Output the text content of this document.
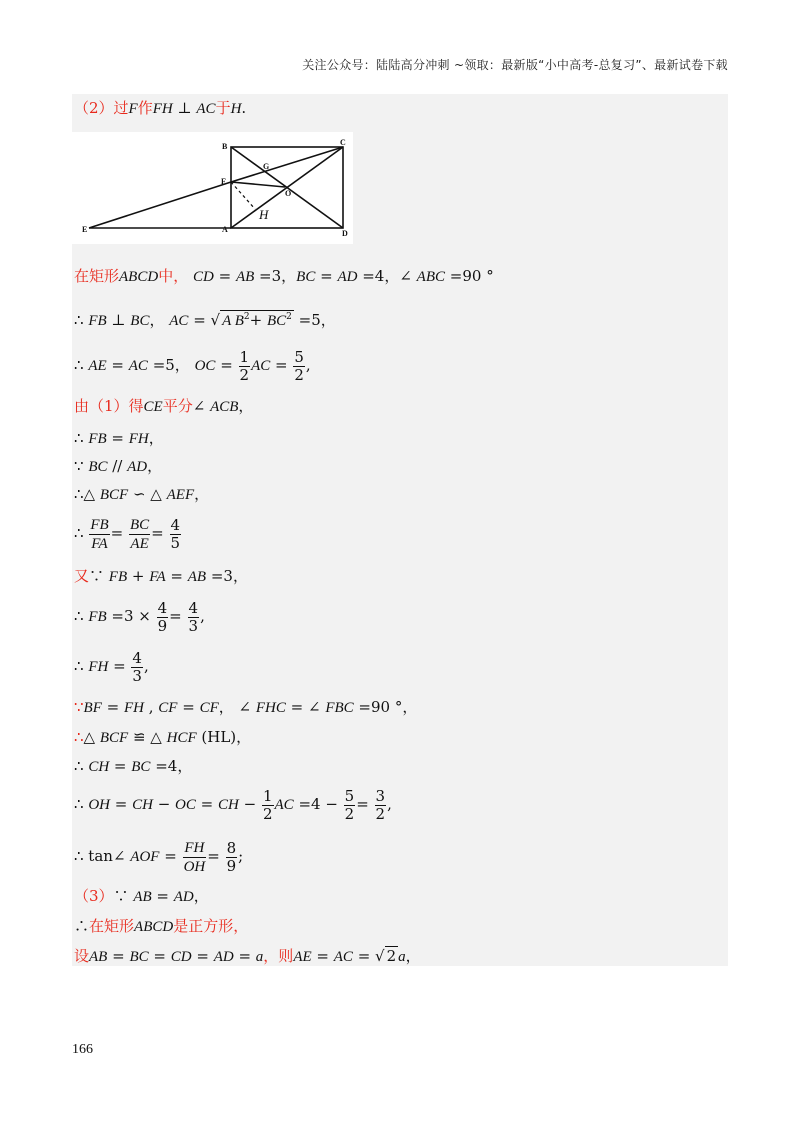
关注公众号：陆陆高分冲刺 ~领取：最新版“小中高考-总复习”、最新试卷下载
（2）过F作FH ⊥ AC于H.
B	C
A	D
E
F
G
O
H
在矩形ABCD中， CD = AB =3，BC = AD =4，∠ ABC =90 °
∴ FB ⊥ BC， AC = √ A $B^2+ BC^2 =5$，
∴ AE = AC =5， OC = $\frac{1}{2}$ AC = $\frac{5}{2}$ ,
由（1）得CE平分∠ ACB，
∴ FB = FH，
∵ BC // AD，
∴△ BCF ∽ △ AEF，
∴ $\frac{FB}{FA} = \frac{BC}{AE} = \frac{4}{5}$
又∵ FB + FA = AB =3，
∴ FB $=3 \times \frac{4}{9} = \frac{4}{3}$ ,
∴ FH = $\frac{4}{3}$ ,
∵BF = FH , CF = CF， ∠ FHC = ∠ FBC =90 °，
∴△ BCF ≌ △ HCF (HL)，
∴ CH = BC =4，
∴ OH = CH − OC = CH − $\frac{1}{2}$ AC $=4 - \frac{5}{2} = \frac{3}{2}$ ,
∴ tan∠ AOF = $\frac{FH}{OH} = \frac{8}{9}$ ;
（3）∵ AB = AD，
∴在矩形ABCD是正方形，
设AB = BC = CD = AD = a，则AE = AC = √ 2 a，
166
